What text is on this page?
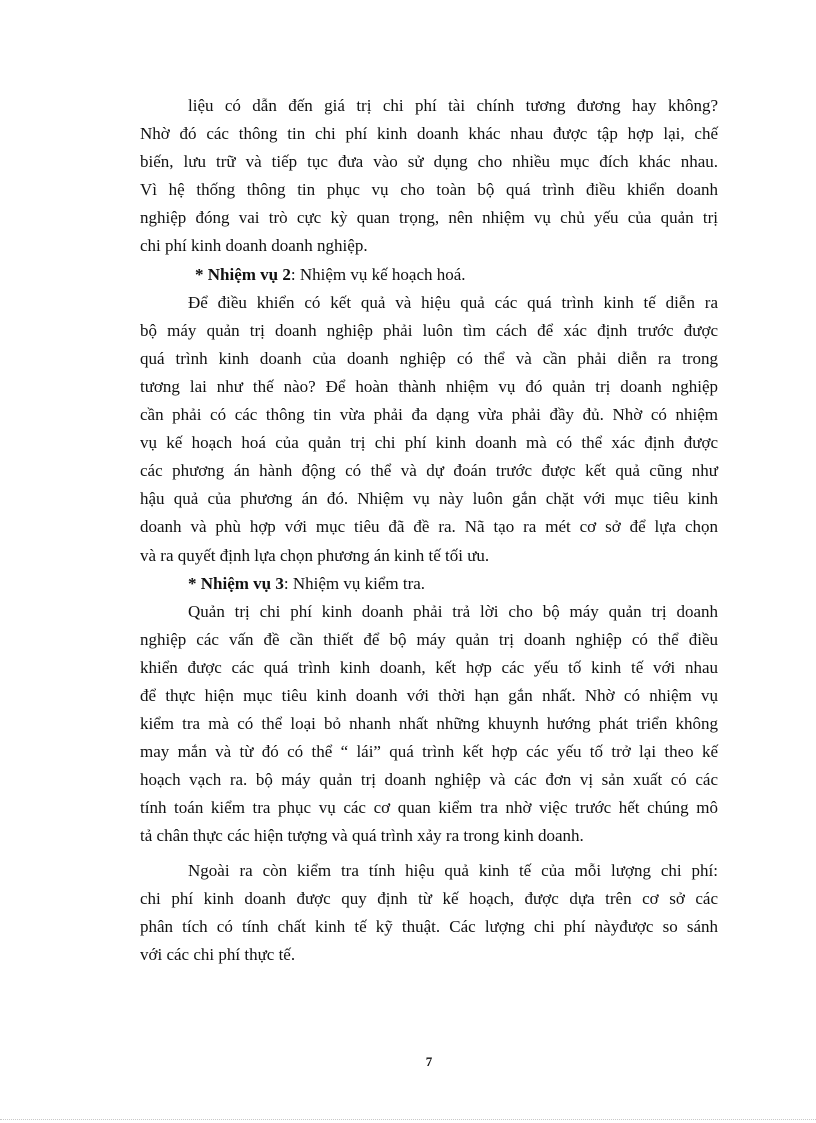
liệu có dẫn đến giá trị chi phí tài chính tương đương hay không?
Nhờ đó các thông tin chi phí kinh doanh khác nhau được tập hợp lại, chế
biến, lưu trữ và tiếp tục đưa vào sử dụng cho nhiều mục đích khác nhau.
Vì hệ thống thông tin phục vụ cho toàn bộ quá trình điều khiển doanh
nghiệp đóng vai trò cực kỳ quan trọng, nên nhiệm vụ chủ yếu của quản trị
chi phí kinh doanh doanh nghiệp.
* Nhiệm vụ 2: Nhiệm vụ kế hoạch hoá.
Để điều khiển có kết quả và hiệu quả các quá trình kinh tế diễn ra
bộ máy quản trị doanh nghiệp phải luôn tìm cách để xác định trước được
quá trình kinh doanh của doanh nghiệp có thể và cần phải diễn ra trong
tương lai như thế nào? Để hoàn thành nhiệm vụ đó quản trị doanh nghiệp
cần phải có các thông tin vừa phải đa dạng vừa phải đầy đủ. Nhờ có nhiệm
vụ kế hoạch hoá của quản trị chi phí kinh doanh mà có thể xác định được
các phương án hành động có thể và dự đoán trước được kết quả cũng như
hậu quả của phương án đó. Nhiệm vụ này luôn gắn chặt với mục tiêu kinh
doanh và phù hợp với mục tiêu đã đề ra. Nã tạo ra mét cơ sở để lựa chọn
và ra quyết định lựa chọn phương án kinh tế tối ưu.
* Nhiệm vụ 3: Nhiệm vụ kiểm tra.
Quản trị chi phí kinh doanh phải trả lời cho bộ máy quản trị doanh
nghiệp các vấn đề cần thiết để bộ máy quản trị doanh nghiệp có thể điều
khiển được các quá trình kinh doanh, kết hợp các yếu tố kinh tế với nhau
để thực hiện mục tiêu kinh doanh với thời hạn gắn nhất. Nhờ có nhiệm vụ
kiểm tra mà có thể loại bỏ nhanh nhất những khuynh hướng phát triển không
may mắn và từ đó có thể “ lái” quá trình kết hợp các yếu tố trở lại theo kế
hoạch vạch ra. bộ máy quản trị doanh nghiệp và các đơn vị sản xuất có các
tính toán kiểm tra phục vụ các cơ quan kiểm tra nhờ việc trước hết chúng mô
tả chân thực các hiện tượng và quá trình xảy ra trong kinh doanh.
Ngoài ra còn kiểm tra tính hiệu quả kinh tế của mỗi lượng chi phí:
chi phí kinh doanh được quy định từ kế hoạch, được dựa trên cơ sở các
phân tích có tính chất kinh tế kỹ thuật. Các lượng chi phí nàyđược so sánh
với các chi phí thực tế.
7
